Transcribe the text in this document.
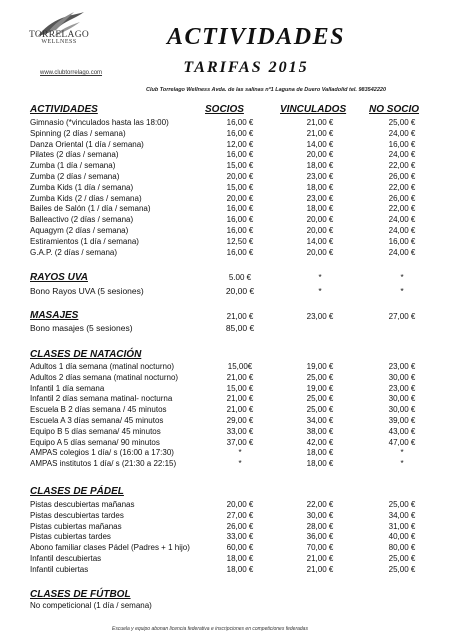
TORRELAGO
WELLNESS
www.clubtorrelago.com
ACTIVIDADES
TARIFAS 2015
Club Torrelago Wellness Avda. de las salinas nº1 Laguna de Duero Valladolid tel. 983542220
ACTIVIDADES	SOCIOS	VINCULADOS NO SOCIO
Gimnasio (*vinculados hasta las 18:00)	16,00 €	21,00 €	25,00 €
Spinning (2 días / semana)	16,00 €	21,00 €	24,00 €
Danza Oriental (1 día / semana)	12,00 €	14,00 €	16,00 €
Pilates (2 días / semana)	16,00 €	20,00 €	24,00 €
Zumba (1 día / semana)	15,00 €	18,00 €	22,00 €
Zumba (2 días / semana)	20,00 €	23,00 €	26,00 €
Zumba Kids (1 día / semana)	15,00 €	18,00 €	22,00 €
Zumba Kids (2 / días / semana)	20,00 €	23,00 €	26,00 €
Bailes de Salón (1 / día / semana)	16,00 €	18,00 €	22,00 €
Balleactivo (2 días / semana)	16,00 €	20,00 €	24,00 €
Aquagym (2 días / semana)	16,00 €	20,00 €	24,00 €
Estiramientos (1 día / semana)	12,50 €	14,00 €	16,00 €
G.A.P. (2 días / semana)	16,00 €	20,00 €	24,00 €
RAYOS UVA	5.00 €	*	*
Bono Rayos UVA (5 sesiones)	20,00 €	*	*
MASAJES	21,00 €	23,00 €	27,00 €
Bono masajes (5 sesiones)	85,00 €
CLASES DE NATACIÓN
Adultos 1 día semana (matinal nocturno)	15,00€	19,00 €	23,00 €
Adultos 2 días semana (matinal nocturno)	21,00 €	25,00 €	30,00 €
Infantil 1 día semana	15,00 €	19,00 €	23,00 €
Infantil 2 días semana matinal- nocturna	21,00 €	25,00 €	30,00 €
Escuela B 2 días semana / 45 minutos	21,00 €	25,00 €	30,00 €
Escuela A 3 días semana/ 45 minutos	29,00 €	34,00 €	39,00 €
Equipo B 5 días semana/ 45 minutos	33,00 €	38,00 €	43,00 €
Equipo A 5 días semana/ 90 minutos	37,00 €	42,00 €	47,00 €
AMPAS colegios 1 día/ s (16:00 a 17:30)	*	18,00 €	*
AMPAS institutos 1 día/ s (21:30 a 22:15)	*	18,00 €	*
CLASES DE PÁDEL
Pistas descubiertas mañanas	20,00 €	22,00 €	25,00 €
Pistas descubiertas tardes	27,00 €	30,00 €	34,00 €
Pistas cubiertas mañanas	26,00 €	28,00 €	31,00 €
Pistas cubiertas tardes	33,00 €	36,00 €	40,00 €
Abono familiar clases Pádel (Padres + 1 hijo)	60,00 €	70,00 €	80,00 €
Infantil descubiertas	18,00 €	21,00 €	25,00 €
Infantil cubiertas	18,00 €	21,00 €	25,00 €
CLASES DE FÚTBOL
No competicional (1 día / semana)
Escuela y equipo abonan licencia federativa e inscripciones en competiciones federadas
